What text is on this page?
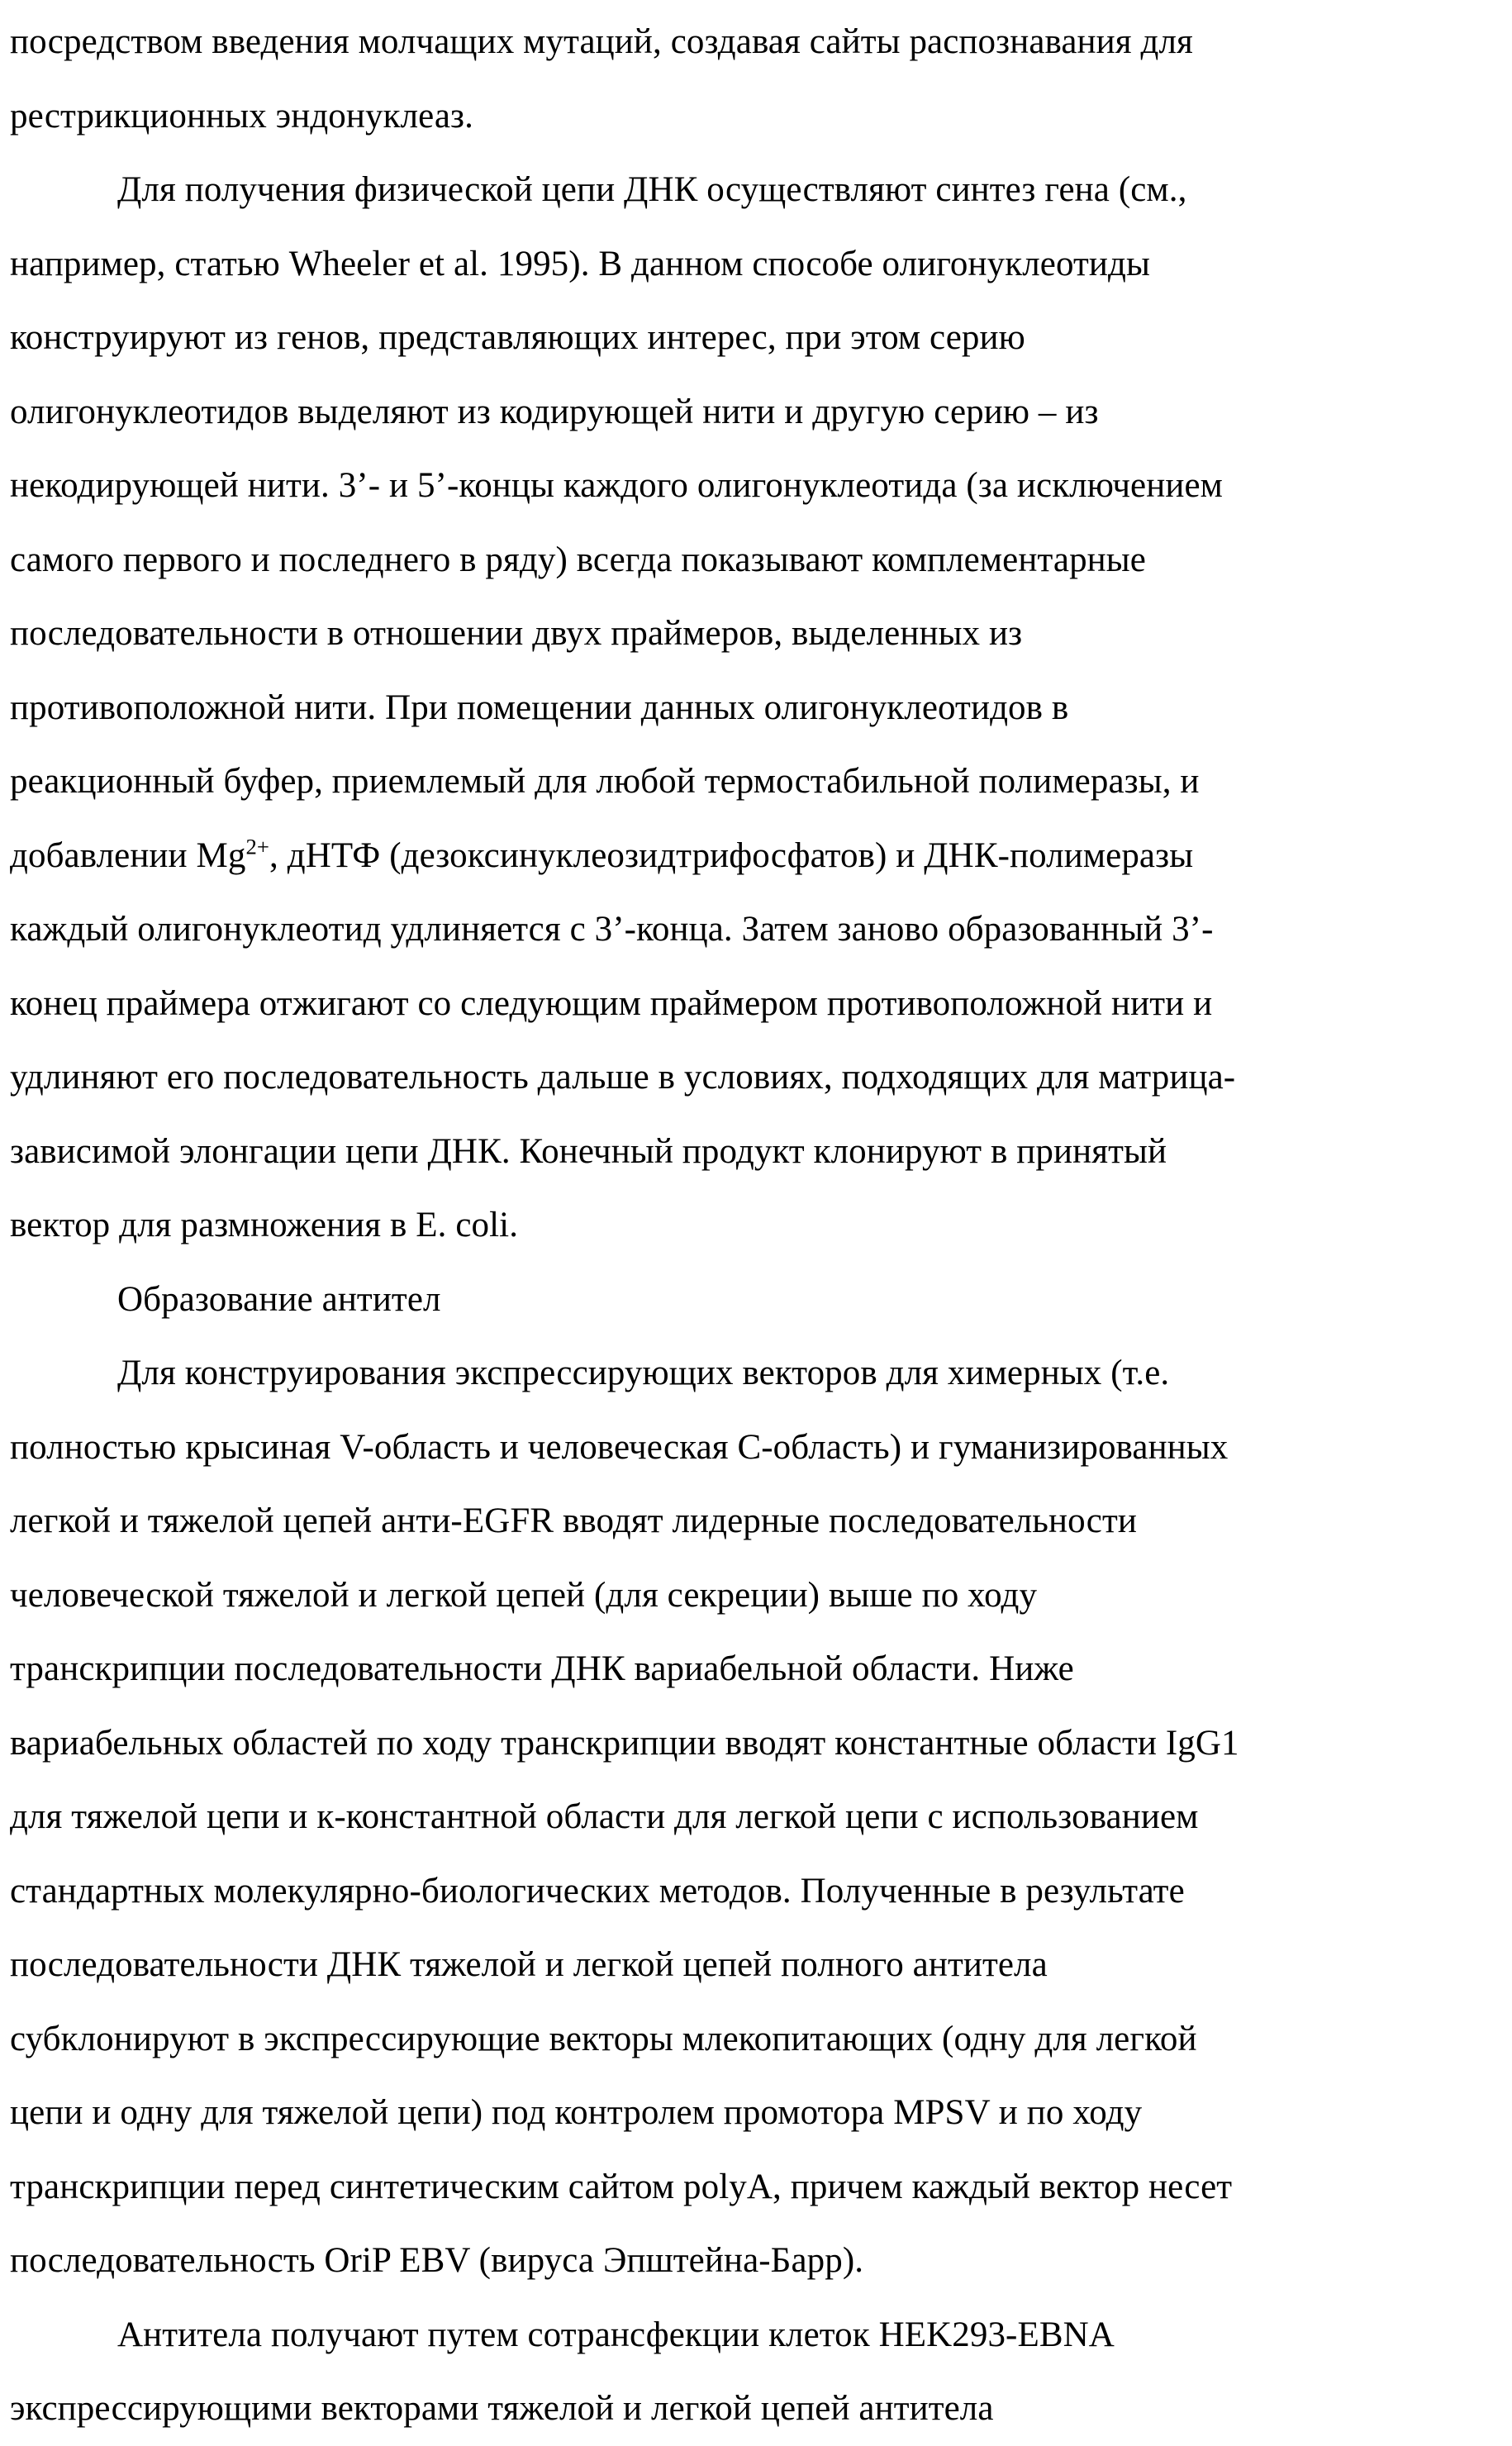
посредством введения молчащих мутаций, создавая сайты распознавания для
рестрикционных эндонуклеаз.
Для получения физической цепи ДНК осуществляют синтез гена (см.,
например, статью Wheeler et al. 1995). В данном способе олигонуклеотиды
конструируют из генов, представляющих интерес, при этом серию
олигонуклеотидов выделяют из кодирующей нити и другую серию – из
некодирующей нити. 3’- и 5’-концы каждого олигонуклеотида (за исключением
самого первого и последнего в ряду) всегда показывают комплементарные
последовательности в отношении двух праймеров, выделенных из
противоположной нити. При помещении данных олигонуклеотидов в
реакционный буфер, приемлемый для любой термостабильной полимеразы, и
добавлении $Mg^{2+}$, дНТФ (дезоксинуклеозидтрифосфатов) и ДНК-полимеразы
каждый олигонуклеотид удлиняется с 3’-конца. Затем заново образованный 3’-
конец праймера отжигают со следующим праймером противоположной нити и
удлиняют его последовательность дальше в условиях, подходящих для матрица-
зависимой элонгации цепи ДНК. Конечный продукт клонируют в принятый
вектор для размножения в E. coli.
Образование антител
Для конструирования экспрессирующих векторов для химерных (т.е.
полностью крысиная V-область и человеческая C-область) и гуманизированных
легкой и тяжелой цепей анти-EGFR вводят лидерные последовательности
человеческой тяжелой и легкой цепей (для секреции) выше по ходу
транскрипции последовательности ДНК вариабельной области. Ниже
вариабельных областей по ходу транскрипции вводят константные области IgG1
для тяжелой цепи и к-константной области для легкой цепи с использованием
стандартных молекулярно-биологических методов. Полученные в результате
последовательности ДНК тяжелой и легкой цепей полного антитела
субклонируют в экспрессирующие векторы млекопитающих (одну для легкой
цепи и одну для тяжелой цепи) под контролем промотора MPSV и по ходу
транскрипции перед синтетическим сайтом polyA, причем каждый вектор несет
последовательность OriP EBV (вируса Эпштейна-Барр).
Антитела получают путем сотрансфекции клеток HEK293-EBNA
экспрессирующими векторами тяжелой и легкой цепей антитела
